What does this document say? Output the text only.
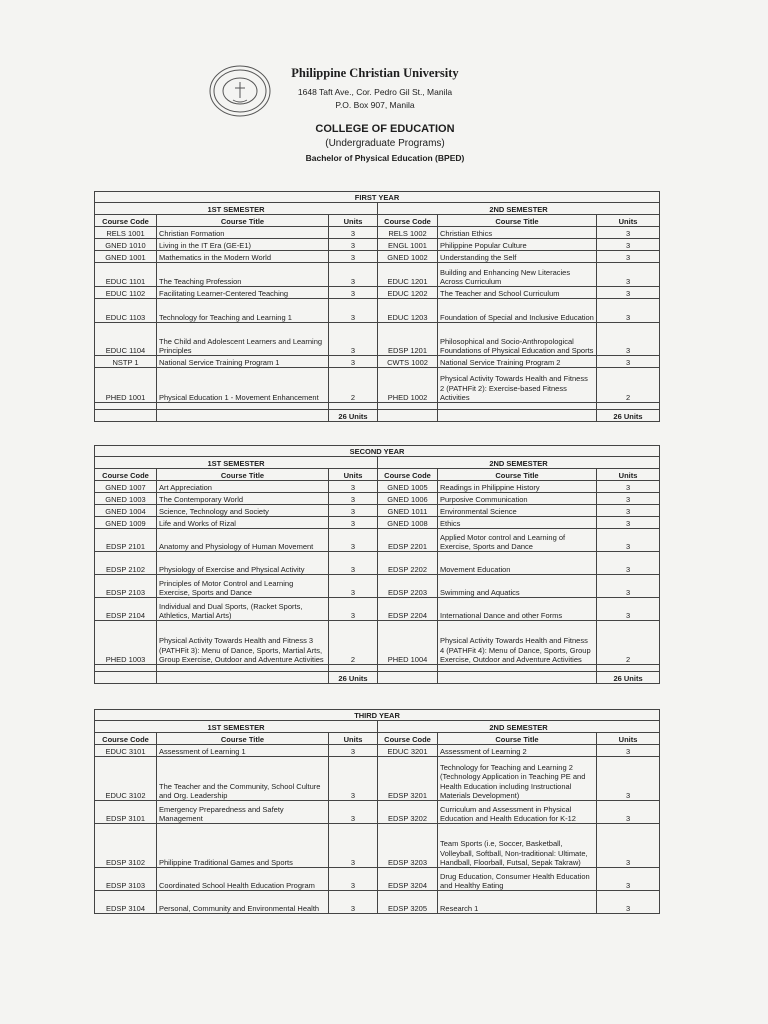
Philippine Christian University
1648 Taft Ave., Cor. Pedro Gil St., Manila
P.O. Box 907, Manila
COLLEGE OF EDUCATION
(Undergraduate Programs)
Bachelor of Physical Education (BPED)
FIRST YEAR					
1ST SEMESTER			2ND SEMESTER		
Course Code	Course Title	Units	Course Code	Course Title	Units
RELS 1001	Christian Formation	3	RELS 1002	Christian Ethics	3
GNED 1010	Living in the IT Era (GE-E1)	3	ENGL 1001	Philippine Popular Culture	3
GNED 1001	Mathematics in the Modern World	3	GNED 1002	Understanding the Self	3
EDUC 1101	The Teaching Profession	3	EDUC 1201	Building and Enhancing New Literacies Across Curriculum	3
EDUC 1102	Facilitating Learner-Centered Teaching	3	EDUC 1202	The Teacher and School Curriculum	3
EDUC 1103	Technology for Teaching and Learning 1	3	EDUC 1203	Foundation of Special and Inclusive Education	3
EDUC 1104	The Child and Adolescent Learners and Learning Principles	3	EDSP 1201	Philosophical and Socio-Anthropological Foundations of Physical Education and Sports	3
NSTP 1	National Service Training Program 1	3	CWTS 1002	National Service Training Program 2	3
PHED 1001	Physical Education 1 - Movement Enhancement	2	PHED 1002	Physical Activity Towards Health and Fitness 2 (PATHFit 2): Exercise-based Fitness Activities	2

		26 Units			26 Units
SECOND YEAR					
1ST SEMESTER			2ND SEMESTER		
Course Code	Course Title	Units	Course Code	Course Title	Units
GNED 1007	Art Appreciation	3	GNED 1005	Readings in Philippine History	3
GNED 1003	The Contemporary World	3	GNED 1006	Purposive Communication	3
GNED 1004	Science, Technology and Society	3	GNED 1011	Environmental Science	3
GNED 1009	Life and Works of Rizal	3	GNED 1008	Ethics	3
EDSP 2101	Anatomy and Physiology of Human Movement	3	EDSP 2201	Applied Motor control and Learning of Exercise, Sports and Dance	3
EDSP 2102	Physiology of Exercise and Physical Activity	3	EDSP 2202	Movement Education	3
EDSP 2103	Principles of Motor Control and Learning Exercise, Sports and Dance	3	EDSP 2203	Swimming and Aquatics	3
EDSP 2104	Individual and Dual Sports, (Racket Sports, Athletics, Martial Arts)	3	EDSP 2204	International Dance and other Forms	3
PHED 1003	Physical Activity Towards Health and Fitness 3 (PATHFit 3): Menu of Dance, Sports, Martial Arts, Group Exercise, Outdoor and Adventure Activities	2	PHED 1004	Physical Activity Towards Health and Fitness 4 (PATHFit 4): Menu of Dance, Sports, Group Exercise, Outdoor and Adventure Activities	2

		26 Units			26 Units
THIRD YEAR					
1ST SEMESTER			2ND SEMESTER		
Course Code	Course Title	Units	Course Code	Course Title	Units
EDUC 3101	Assessment of Learning 1	3	EDUC 3201	Assessment of Learning 2	3
EDUC 3102	The Teacher and the Community, School Culture and Org. Leadership	3	EDSP 3201	Technology for Teaching and Learning 2 (Technology Application in Teaching PE and Health Education including Instructional Materials Development)	3
EDSP 3101	Emergency Preparedness and Safety Management	3	EDSP 3202	Curriculum and Assessment in Physical Education and Health Education for K-12	3
EDSP 3102	Philippine Traditional Games and Sports	3	EDSP 3203	Team Sports (i.e, Soccer, Basketball, Volleyball, Softball, Non-traditional: Ultimate, Handball, Floorball, Futsal, Sepak Takraw)	3
EDSP 3103	Coordinated School Health Education Program	3	EDSP 3204	Drug Education, Consumer Health Education and Healthy Eating	3
EDSP 3104	Personal, Community and Environmental Health	3	EDSP 3205	Research 1	3
